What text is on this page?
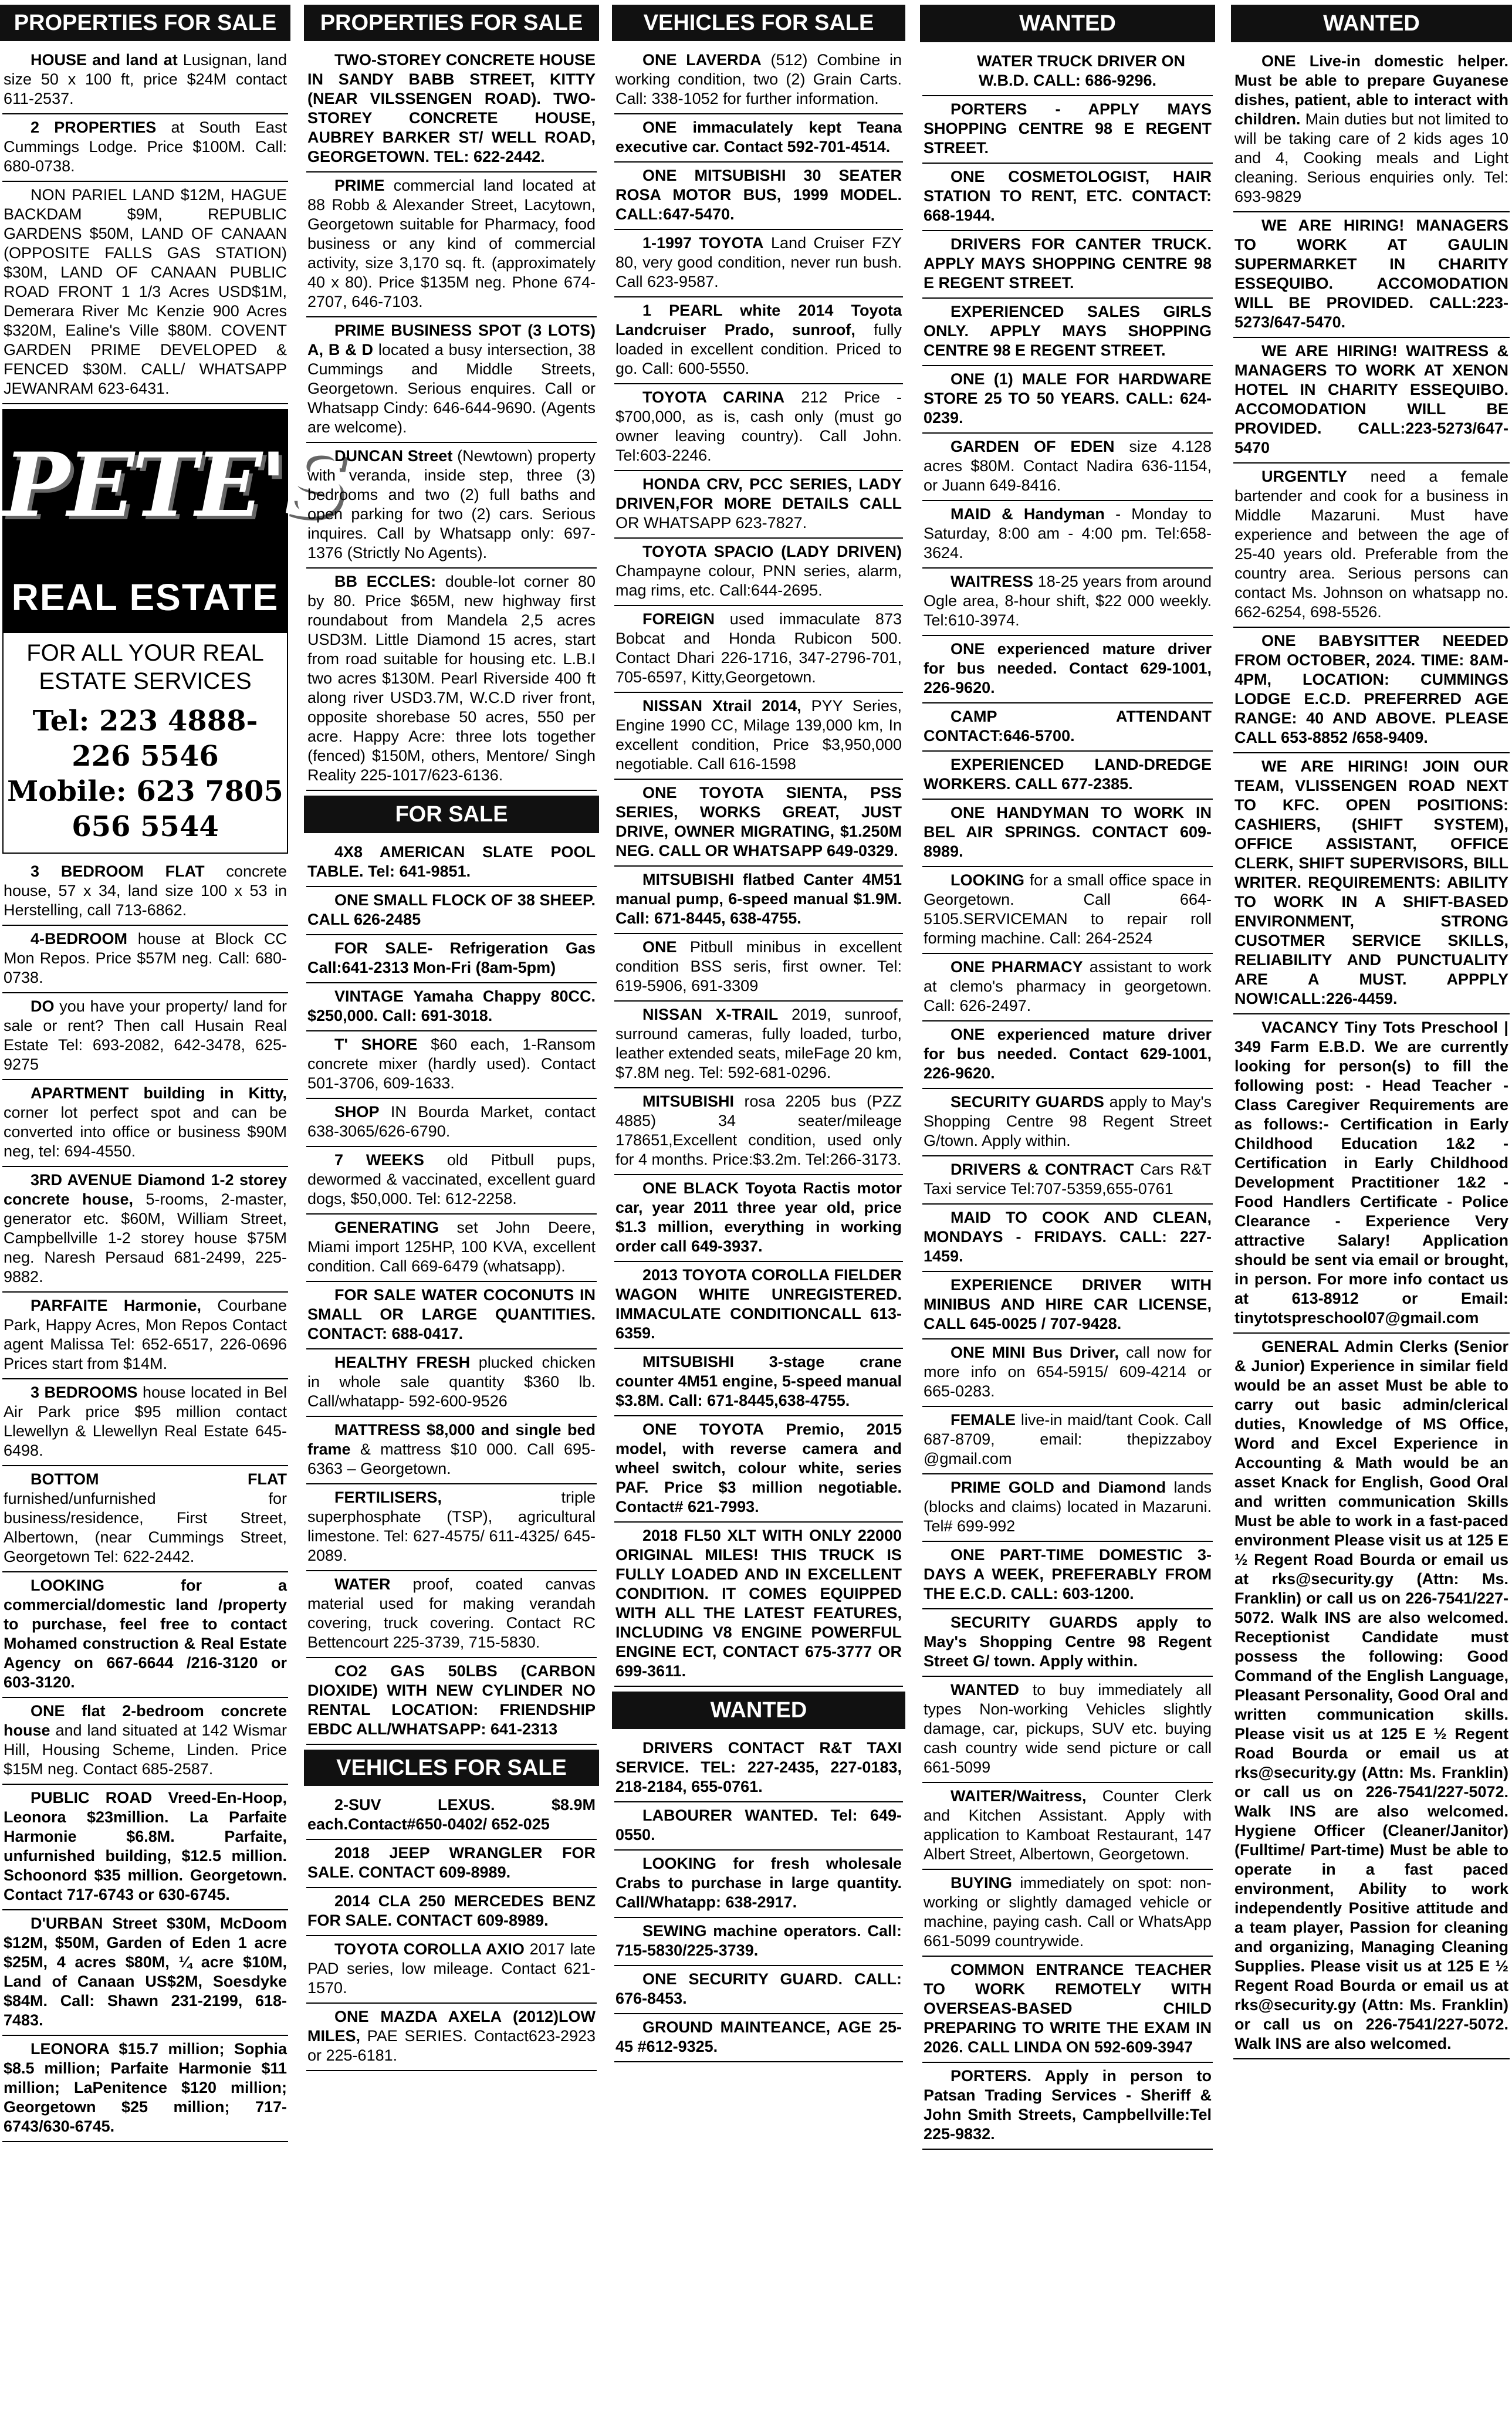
PROPERTIES FOR SALE
HOUSE and land at Lusignan, land size 50 x 100 ft, price $24M contact 611-2537.
2 PROPERTIES at South East Cummings Lodge. Price $100M. Call: 680-0738.
NON PARIEL LAND $12M, HAGUE BACKDAM $9M, REPUBLIC GARDENS $50M, LAND OF CANAAN (OPPOSITE FALLS GAS STATION) $30M, LAND OF CANAAN PUBLIC ROAD FRONT 1 1/3 Acres USD$1M, Demerara River Mc Kenzie 900 Acres $320M, Ealine's Ville $80M. COVENT GARDEN PRIME DEVELOPED & FENCED $30M. CALL/ WHATSAPP JEWANRAM 623-6431.
PETE'S
REAL ESTATE
FOR ALL YOUR REAL ESTATE SERVICES
Tel: 223 4888-
226 5546
Mobile: 623 7805
656 5544
3 BEDROOM FLAT concrete house, 57 x 34, land size 100 x 53 in Herstelling, call 713-6862.
4-BEDROOM house at Block CC Mon Repos. Price $57M neg. Call: 680-0738.
DO you have your property/ land for sale or rent? Then call Husain Real Estate Tel: 693-2082, 642-3478, 625-9275
APARTMENT building in Kitty, corner lot perfect spot and can be converted into office or business $90M neg, tel: 694-4550.
3RD AVENUE Diamond 1-2 storey concrete house, 5-rooms, 2-master, generator etc. $60M, William Street, Campbellville 1-2 storey house $75M neg. Naresh Persaud 681-2499, 225-9882.
PARFAITE Harmonie, Courbane Park, Happy Acres, Mon Repos Contact agent Malissa Tel: 652-6517, 226-0696 Prices start from $14M.
3 BEDROOMS house located in Bel Air Park price $95 million contact Llewellyn & Llewellyn Real Estate 645-6498.
BOTTOM FLAT furnished/unfurnished for business/residence, First Street, Albertown, (near Cummings Street, Georgetown Tel: 622-2442.
LOOKING for a commercial/domestic land /property to purchase, feel free to contact Mohamed construction & Real Estate Agency on 667-6644 /216-3120 or 603-3120.
ONE flat 2-bedroom concrete house and land situated at 142 Wismar Hill, Housing Scheme, Linden. Price $15M neg. Contact 685-2587.
PUBLIC ROAD Vreed-En-Hoop, Leonora $23million. La Parfaite Harmonie $6.8M. Parfaite, unfurnished building, $12.5 million. Schoonord $35 million. Georgetown. Contact 717-6743 or 630-6745.
D'URBAN Street $30M, McDoom $12M, $50M, Garden of Eden 1 acre $25M, 4 acres $80M, ¼ acre $10M, Land of Canaan US$2M, Soesdyke $84M. Call: Shawn 231-2199, 618-7483.
LEONORA $15.7 million; Sophia $8.5 million; Parfaite Harmonie $11 million; LaPenitence $120 million; Georgetown $25 million; 717-6743/630-6745.
PROPERTIES FOR SALE
TWO-STOREY CONCRETE HOUSE IN SANDY BABB STREET, KITTY (NEAR VILSSENGEN ROAD). TWO-STOREY CONCRETE HOUSE, AUBREY BARKER ST/ WELL ROAD, GEORGETOWN. TEL: 622-2442.
PRIME commercial land located at 88 Robb & Alexander Street, Lacytown, Georgetown suitable for Pharmacy, food business or any kind of commercial activity, size 3,170 sq. ft. (approximately 40 x 80). Price $135M neg. Phone 674-2707, 646-7103.
PRIME BUSINESS SPOT (3 LOTS) A, B & D located a busy intersection, 38 Cummings and Middle Streets, Georgetown. Serious enquires. Call or Whatsapp Cindy: 646-644-9690. (Agents are welcome).
DUNCAN Street (Newtown) property with veranda, inside step, three (3) bedrooms and two (2) full baths and open parking for two (2) cars. Serious inquires. Call by Whatsapp only: 697-1376 (Strictly No Agents).
BB ECCLES: double-lot corner 80 by 80. Price $65M, new highway first roundabout from Mandela 2,5 acres USD3M. Little Diamond 15 acres, start from road suitable for housing etc. L.B.I two acres $130M. Pearl Riverside 400 ft along river USD3.7M, W.C.D river front, opposite shorebase 50 acres, 550 per acre. Happy Acre: three lots together (fenced) $150M, others, Mentore/ Singh Reality 225-1017/623-6136.
FOR SALE
4X8 AMERICAN SLATE POOL TABLE. Tel: 641-9851.
ONE SMALL FLOCK OF 38 SHEEP. CALL 626-2485
FOR SALE- Refrigeration Gas Call:641-2313 Mon-Fri (8am-5pm)
VINTAGE Yamaha Chappy 80CC. $250,000. Call: 691-3018.
T' SHORE $60 each, 1-Ransom concrete mixer (hardly used). Contact 501-3706, 609-1633.
SHOP IN Bourda Market, contact 638-3065/626-6790.
7 WEEKS old Pitbull pups, dewormed & vaccinated, excellent guard dogs, $50,000. Tel: 612-2258.
GENERATING set John Deere, Miami import 125HP, 100 KVA, excellent condition. Call 669-6479 (whatsapp).
FOR SALE WATER COCONUTS IN SMALL OR LARGE QUANTITIES. CONTACT: 688-0417.
HEALTHY FRESH plucked chicken in whole sale quantity $360 lb. Call/whatapp- 592-600-9526
MATTRESS $8,000 and single bed frame & mattress $10 000. Call 695-6363 – Georgetown.
FERTILISERS,	triple superphosphate (TSP), agricultural limestone. Tel: 627-4575/ 611-4325/ 645-2089.
WATER proof, coated canvas material used for making verandah covering, truck covering. Contact RC Bettencourt 225-3739, 715-5830.
CO2 GAS 50LBS (CARBON DIOXIDE) WITH NEW CYLINDER NO RENTAL LOCATION: FRIENDSHIP EBDC ALL/WHATSAPP: 641-2313
VEHICLES FOR SALE
2-SUV LEXUS. $8.9M each.Contact#650-0402/ 652-025
2018 JEEP WRANGLER FOR SALE. CONTACT 609-8989.
2014 CLA 250 MERCEDES BENZ FOR SALE. CONTACT 609-8989.
TOYOTA COROLLA AXIO 2017 late PAD series, low mileage. Contact 621-1570.
ONE MAZDA AXELA (2012)LOW MILES, PAE SERIES. Contact623-2923 or 225-6181.
VEHICLES FOR SALE
ONE LAVERDA (512) Combine in working condition, two (2) Grain Carts. Call: 338-1052 for further information.
ONE immaculately kept Teana executive car. Contact 592-701-4514.
ONE MITSUBISHI 30 SEATER ROSA MOTOR BUS, 1999 MODEL. CALL:647-5470.
1-1997 TOYOTA Land Cruiser FZY 80, very good condition, never run bush. Call 623-9587.
1 PEARL white 2014 Toyota Landcruiser Prado, sunroof, fully loaded in excellent condition. Priced to go. Call: 600-5550.
TOYOTA CARINA 212 Price - $700,000, as is, cash only (must go owner leaving country). Call John. Tel:603-2246.
HONDA CRV, PCC SERIES, LADY DRIVEN,FOR MORE DETAILS CALL OR WHATSAPP 623-7827.
TOYOTA SPACIO (LADY DRIVEN) Champayne colour, PNN series, alarm, mag rims, etc. Call:644-2695.
FOREIGN used immaculate 873 Bobcat and Honda Rubicon 500. Contact Dhari 226-1716, 347-2796-701, 705-6597, Kitty,Georgetown.
NISSAN Xtrail 2014, PYY Series, Engine 1990 CC, Milage 139,000 km, In excellent condition, Price $3,950,000 negotiable. Call 616-1598
ONE TOYOTA SIENTA, PSS SERIES, WORKS GREAT, JUST DRIVE, OWNER MIGRATING, $1.250M NEG. CALL OR WHATSAPP 649-0329.
MITSUBISHI flatbed Canter 4M51 manual pump, 6-speed manual $1.9M. Call: 671-8445, 638-4755.
ONE Pitbull minibus in excellent condition BSS seris, first owner. Tel: 619-5906, 691-3309
NISSAN X-TRAIL 2019, sunroof, surround cameras, fully loaded, turbo, leather extended seats, mileFage 20 km, $7.8M neg. Tel: 592-681-0296.
MITSUBISHI rosa 2205 bus (PZZ 4885) 34 seater/mileage 178651,Excellent condition, used only for 4 months. Price:$3.2m. Tel:266-3173.
ONE BLACK Toyota Ractis motor car, year 2011 three year old, price $1.3 million, everything in working order call 649-3937.
2013 TOYOTA COROLLA FIELDER WAGON WHITE UNREGISTERED. IMMACULATE CONDITIONCALL 613-6359.
MITSUBISHI 3-stage crane counter 4M51 engine, 5-speed manual $3.8M. Call: 671-8445,638-4755.
ONE TOYOTA Premio, 2015 model, with reverse camera and wheel switch, colour white, series PAF. Price $3 million negotiable. Contact# 621-7993.
2018 FL50 XLT WITH ONLY 22000 ORIGINAL MILES! THIS TRUCK IS FULLY LOADED AND IN EXCELLENT CONDITION. IT COMES EQUIPPED WITH ALL THE LATEST FEATURES, INCLUDING V8 ENGINE POWERFUL ENGINE ECT, CONTACT 675-3777 OR 699-3611.
WANTED
DRIVERS CONTACT R&T TAXI SERVICE. TEL: 227-2435, 227-0183, 218-2184, 655-0761.
LABOURER WANTED. Tel: 649-0550.
LOOKING for fresh wholesale Crabs to purchase in large quantity. Call/Whatapp: 638-2917.
SEWING machine operators. Call: 715-5830/225-3739.
ONE SECURITY GUARD. CALL: 676-8453.
GROUND MAINTEANCE, AGE 25-45 #612-9325.
WANTED
WATER TRUCK DRIVER ON W.B.D. CALL: 686-9296.
PORTERS - APPLY MAYS SHOPPING CENTRE 98 E REGENT STREET.
ONE COSMETOLOGIST, HAIR STATION TO RENT, ETC. CONTACT: 668-1944.
DRIVERS FOR CANTER TRUCK. APPLY MAYS SHOPPING CENTRE 98 E REGENT STREET.
EXPERIENCED SALES GIRLS ONLY. APPLY MAYS SHOPPING CENTRE 98 E REGENT STREET.
ONE (1) MALE FOR HARDWARE STORE 25 TO 50 YEARS. CALL: 624-0239.
GARDEN OF EDEN size 4.128 acres $80M. Contact Nadira 636-1154, or Juann 649-8416.
MAID & Handyman - Monday to Saturday, 8:00 am - 4:00 pm. Tel:658-3624.
WAITRESS 18-25 years from around Ogle area, 8-hour shift, $22 000 weekly. Tel:610-3974.
ONE experienced mature driver for bus needed. Contact 629-1001, 226-9620.
CAMP ATTENDANT CONTACT:646-5700.
EXPERIENCED LAND-DREDGE WORKERS. CALL 677-2385.
ONE HANDYMAN TO WORK IN BEL AIR SPRINGS. CONTACT 609-8989.
LOOKING for a small office space in Georgetown. Call 664-5105.SERVICEMAN to repair roll forming machine. Call: 264-2524
ONE PHARMACY assistant to work at clemo's pharmacy in georgetown. Call: 626-2497.
ONE experienced mature driver for bus needed. Contact 629-1001, 226-9620.
SECURITY GUARDS apply to May's Shopping Centre 98 Regent Street G/town. Apply within.
DRIVERS & CONTRACT Cars R&T Taxi service Tel:707-5359,655-0761
MAID TO COOK AND CLEAN, MONDAYS - FRIDAYS. CALL: 227-1459.
EXPERIENCE DRIVER WITH MINIBUS AND HIRE CAR LICENSE, CALL 645-0025 / 707-9428.
ONE MINI Bus Driver, call now for more info on 654-5915/ 609-4214 or 665-0283.
FEMALE live-in maid/tant Cook. Call 687-8709, email: thepizzaboy @gmail.com
PRIME GOLD and Diamond lands (blocks and claims) located in Mazaruni. Tel# 699-992
ONE PART-TIME DOMESTIC 3-DAYS A WEEK, PREFERABLY FROM THE E.C.D. CALL: 603-1200.
SECURITY GUARDS apply to May's Shopping Centre 98 Regent Street G/ town. Apply within.
WANTED to buy immediately all types Non-working Vehicles slightly damage, car, pickups, SUV etc. buying cash country wide send picture or call 661-5099
WAITER/Waitress, Counter Clerk and Kitchen Assistant. Apply with application to Kamboat Restaurant, 147 Albert Street, Albertown, Georgetown.
BUYING immediately on spot: non-working or slightly damaged vehicle or machine, paying cash. Call or WhatsApp 661-5099 countrywide.
COMMON ENTRANCE TEACHER TO WORK REMOTELY WITH OVERSEAS-BASED CHILD PREPARING TO WRITE THE EXAM IN 2026. CALL LINDA ON 592-609-3947
PORTERS. Apply in person to Patsan Trading Services - Sheriff & John Smith Streets, Campbellville:Tel 225-9832.
WANTED
ONE Live-in domestic helper. Must be able to prepare Guyanese dishes, patient, able to interact with children. Main duties but not limited to will be taking care of 2 kids ages 10 and 4, Cooking meals and Light cleaning. Serious enquiries only. Tel: 693-9829
WE ARE HIRING! MANAGERS TO WORK AT GAULIN SUPERMARKET IN CHARITY ESSEQUIBO. ACCOMODATION WILL BE PROVIDED. CALL:223-5273/647-5470.
WE ARE HIRING! WAITRESS & MANAGERS TO WORK AT XENON HOTEL IN CHARITY ESSEQUIBO. ACCOMODATION WILL BE PROVIDED. CALL:223-5273/647-5470
URGENTLY need a female bartender and cook for a business in Middle Mazaruni. Must have experience and between the age of 25-40 years old. Preferable from the country area. Serious persons can contact Ms. Johnson on whatsapp no. 662-6254, 698-5526.
ONE BABYSITTER NEEDED FROM OCTOBER, 2024. TIME: 8AM-4PM, LOCATION: CUMMINGS LODGE E.C.D. PREFERRED AGE RANGE: 40 AND ABOVE. PLEASE CALL 653-8852 /658-9409.
WE ARE HIRING! JOIN OUR TEAM, VLISSENGEN ROAD NEXT TO KFC. OPEN POSITIONS: CASHIERS, (SHIFT SYSTEM), OFFICE ASSISTANT, OFFICE CLERK, SHIFT SUPERVISORS, BILL WRITER. REQUIREMENTS: ABILITY TO WORK IN A SHIFT-BASED ENVIRONMENT, STRONG CUSOTMER SERVICE SKILLS, RELIABILITY AND PUNCTUALITY ARE A MUST. APPPLY NOW!CALL:226-4459.
VACANCY Tiny Tots Preschool | 349 Farm E.B.D. We are currently looking for person(s) to fill the following post: - Head Teacher - Class Caregiver Requirements are as follows:- Certification in Early Childhood Education 1&2 - Certification in Early Childhood Development Practitioner 1&2 - Food Handlers Certificate - Police Clearance - Experience Very attractive Salary! Application should be sent via email or brought, in person. For more info contact us at 613-8912 or Email: tinytotspreschool07@gmail.com
GENERAL Admin Clerks (Senior & Junior) Experience in similar field would be an asset Must be able to carry out basic admin/clerical duties, Knowledge of MS Office, Word and Excel Experience in Accounting & Math would be an asset Knack for English, Good Oral and written communication Skills Must be able to work in a fast-paced environment Please visit us at 125 E ½ Regent Road Bourda or email us at rks@security.gy (Attn: Ms. Franklin) or call us on 226-7541/227-5072. Walk INS are also welcomed. Receptionist Candidate must possess the following: Good Command of the English Language, Pleasant Personality, Good Oral and written communication skills. Please visit us at 125 E ½ Regent Road Bourda or email us at rks@security.gy (Attn: Ms. Franklin) or call us on 226-7541/227-5072. Walk INS are also welcomed. Hygiene Officer (Cleaner/Janitor) (Fulltime/ Part-time) Must be able to operate in a fast paced environment, Ability to work independently Positive attitude and a team player, Passion for cleaning and organizing, Managing Cleaning Supplies. Please visit us at 125 E ½ Regent Road Bourda or email us at rks@security.gy (Attn: Ms. Franklin) or call us on 226-7541/227-5072. Walk INS are also welcomed.
